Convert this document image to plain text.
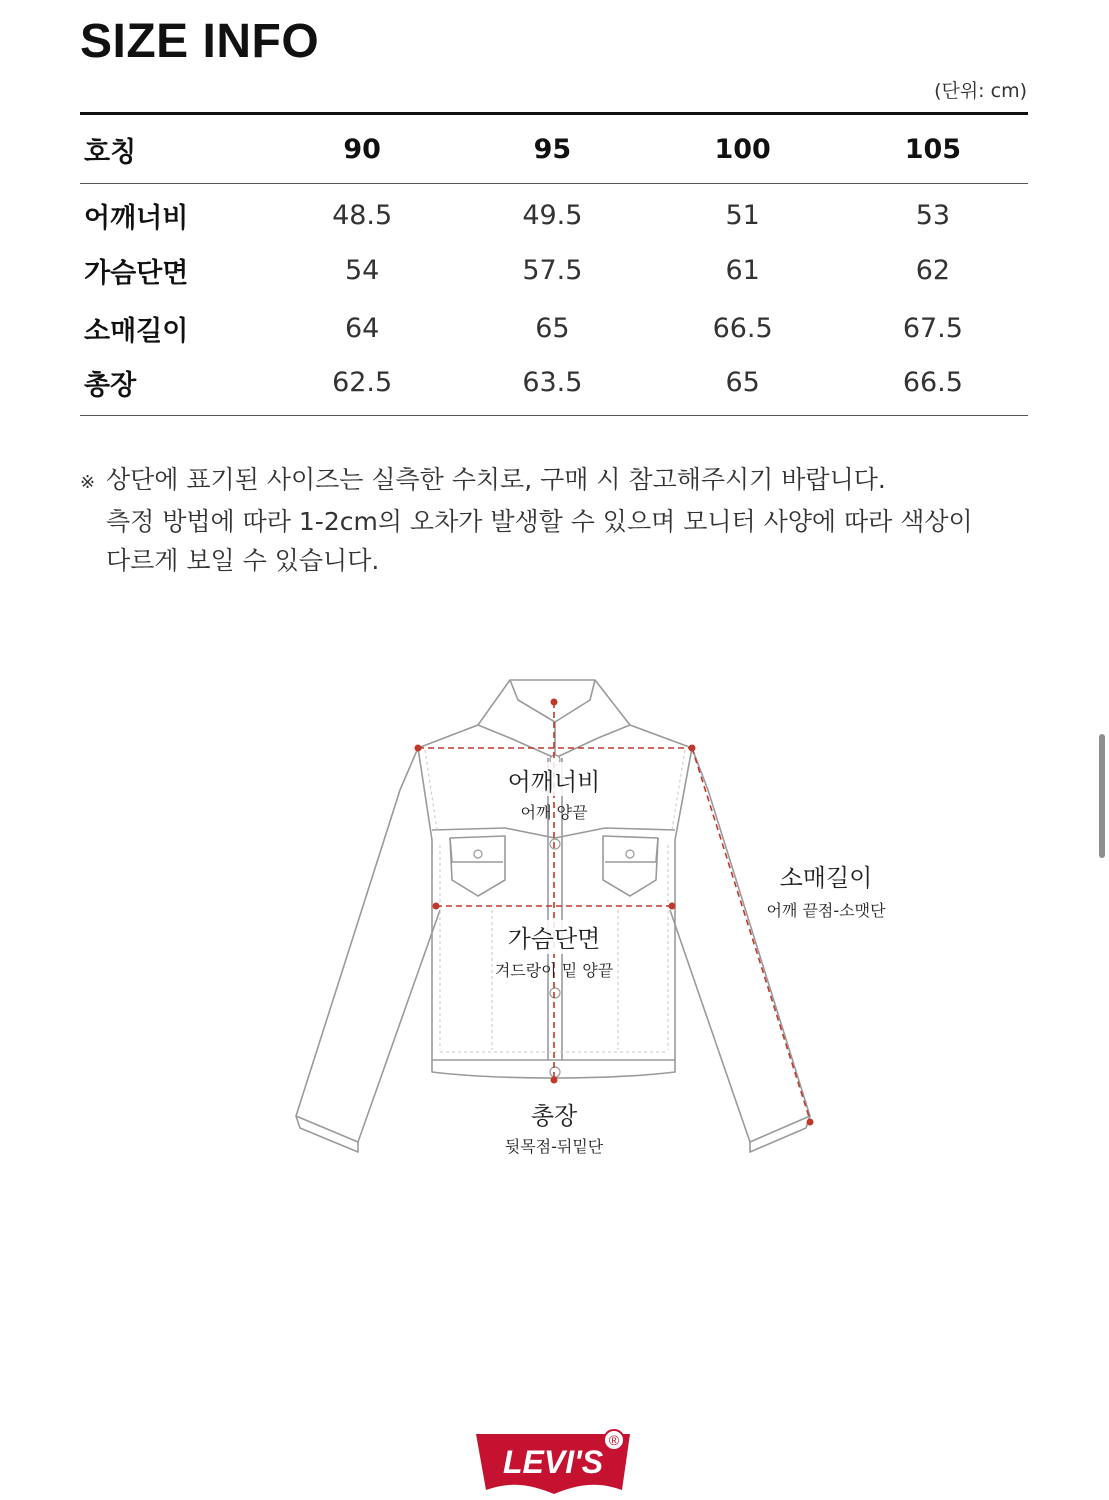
SIZE INFO
(단위: cm)
호칭	90	95	100	105
어깨너비	48.5	49.5	51	53
가슴단면	54	57.5	61	62
소매길이	64	65	66.5	67.5
총장	62.5	63.5	65	66.5
※ 상단에 표기된 사이즈는 실측한 수치로, 구매 시 참고해주시기 바랍니다.
측정 방법에 따라 1-2cm의 오차가 발생할 수 있으며 모니터 사양에 따라 색상이
다르게 보일 수 있습니다.
어깨너비
어깨 양끝
가슴단면
겨드랑이 밑 양끝
소매길이
어깨 끝점-소맷단
총장
뒷목점-뒤밑단
LEVI'S
®
